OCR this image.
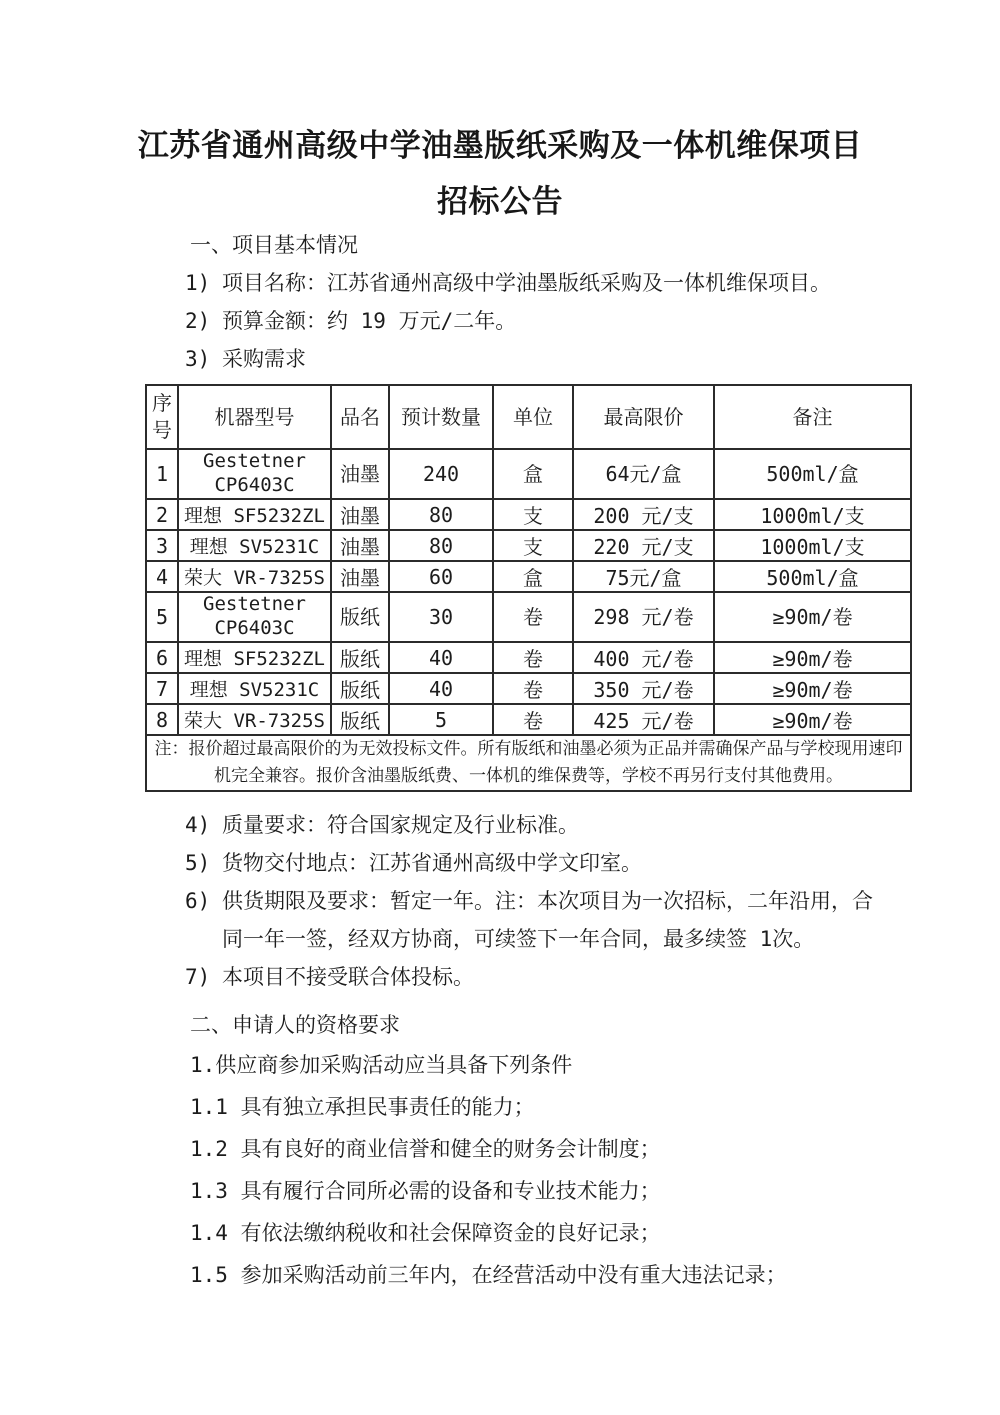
江苏省通州高级中学油墨版纸采购及一体机维保项目
招标公告
一、项目基本情况
1) 项目名称：江苏省通州高级中学油墨版纸采购及一体机维保项目。
2) 预算金额：约 19 万元/二年。
3) 采购需求
序号	机器型号	品名	预计数量	单位	最高限价	备注
1	Gestetner CP6403C	油墨	240	盒	64元/盒	500ml/盒
2	理想 SF5232ZL	油墨	80	支	200 元/支	1000ml/支
3	理想 SV5231C	油墨	80	支	220 元/支	1000ml/支
4	荣大 VR-7325S	油墨	60	盒	75元/盒	500ml/盒
5	Gestetner CP6403C	版纸	30	卷	298 元/卷	≥90m/卷
6	理想 SF5232ZL	版纸	40	卷	400 元/卷	≥90m/卷
7	理想 SV5231C	版纸	40	卷	350 元/卷	≥90m/卷
8	荣大 VR-7325S	版纸	5	卷	425 元/卷	≥90m/卷
注：报价超过最高限价的为无效投标文件。所有版纸和油墨必须为正品并需确保产品与学校现用速印机完全兼容。报价含油墨版纸费、一体机的维保费等，学校不再另行支付其他费用。						
4) 质量要求：符合国家规定及行业标准。
5) 货物交付地点：江苏省通州高级中学文印室。
6) 供货期限及要求：暂定一年。注：本次项目为一次招标，二年沿用，合同一年一签，经双方协商，可续签下一年合同，最多续签 1次。
7) 本项目不接受联合体投标。
二、申请人的资格要求
1.供应商参加采购活动应当具备下列条件
1.1 具有独立承担民事责任的能力；
1.2 具有良好的商业信誉和健全的财务会计制度；
1.3 具有履行合同所必需的设备和专业技术能力；
1.4 有依法缴纳税收和社会保障资金的良好记录；
1.5 参加采购活动前三年内，在经营活动中没有重大违法记录；
